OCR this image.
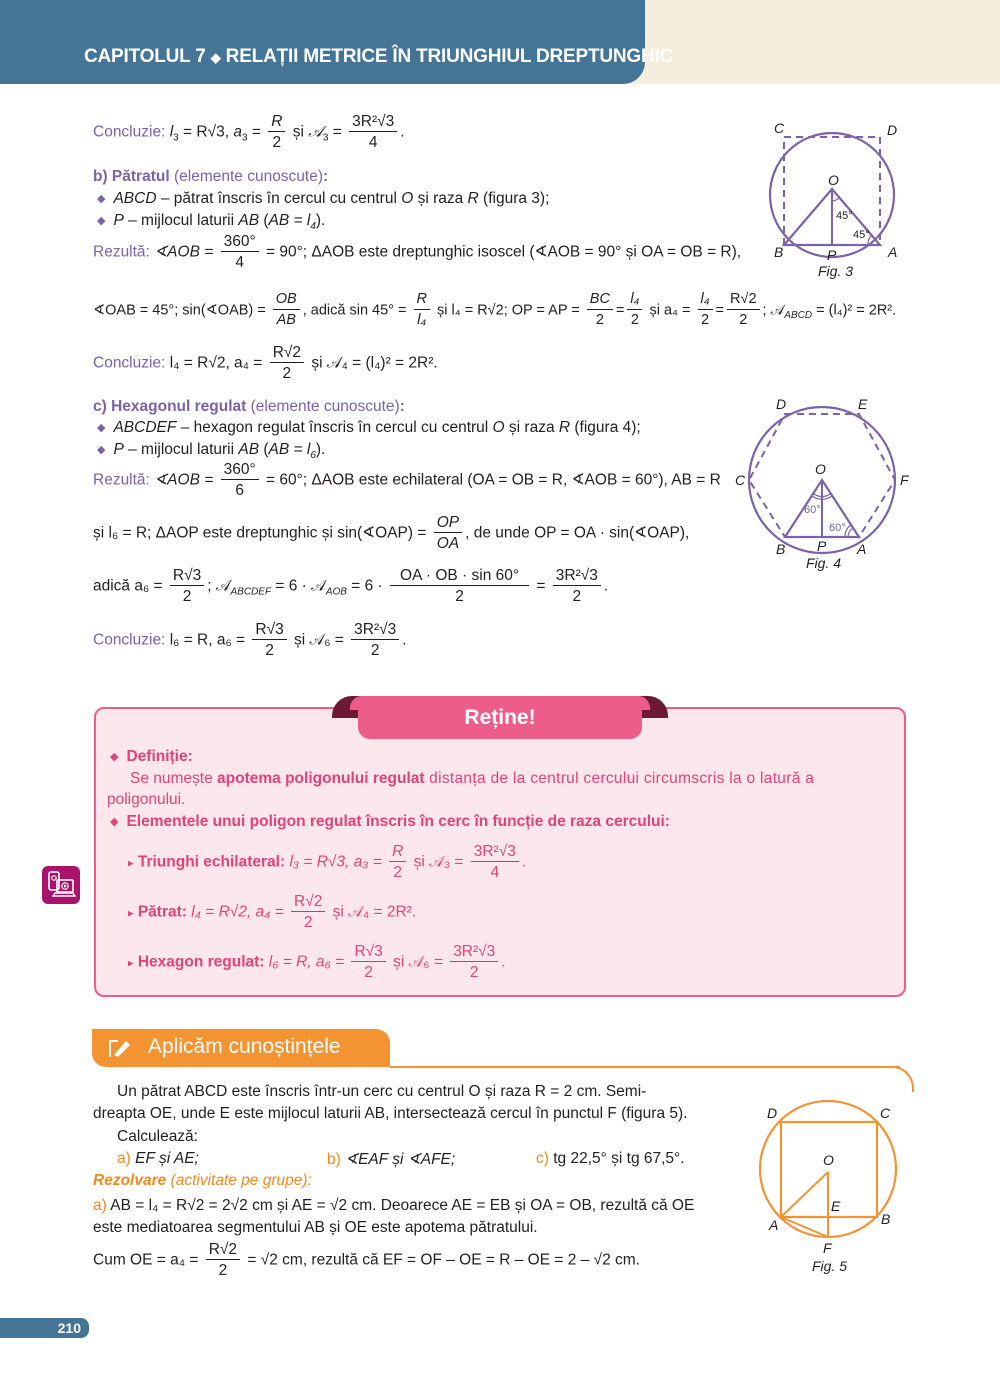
CAPITOLUL 7 ◆ RELAȚII METRICE ÎN TRIUNGHIUL DREPTUNGHIC
Concluzie: $l_3 = R√3$, $a_3 = \frac{R}{2}$ și 𝒜$_3$ = $\frac{\text{3R²√3}}{4}$ .
b) Pătratul (elemente cunoscute):
◆ ABCD – pătrat înscris în cercul cu centrul O și raza R (figura 3);
◆ P – mijlocul laturii AB $(AB = l_4)$.
Rezultă: ∢AOB = $\frac{360^\circ}{4} = 90^\circ$; ΔAOB este dreptunghic isoscel (∢AOB = 90° și OA = OB = R),
∢OAB = 45°; sin(∢OAB) = $\frac{OB}{AB}$ , adică $\sin 45^\circ = \frac{R}{\text{l₄}}$ și l₄ = R√2; OP = AP = $\frac{BC}{2} = \frac{\text{l₄}}{2}$ și $a_4 = \frac{\text{l₄}}{2} = \frac{R√2}{2}$ ; 𝒜$_{ABCD}$ = (l₄)² = 2R².
Concluzie: l₄ = R√2, $a_4 = \frac{R√2}{2}$ și 𝒜₄ = (l₄)² = 2R².
C	D
O
B	P	A
45°
45°
Fig. 3
c) Hexagonul regulat (elemente cunoscute):
◆ ABCDEF – hexagon regulat înscris în cercul cu centrul O și raza R (figura 4);
◆ P – mijlocul laturii AB $(AB = l_6)$.
Rezultă: ∢AOB = $\frac{360^\circ}{6} = 60^\circ$; ΔAOB este echilateral (OA = OB = R, ∢AOB = 60°), AB = R
și l₆ = R; ΔAOP este dreptunghic și sin(∢OAP) = $\frac{OP}{OA}$ , de unde OP = OA · sin(∢OAP),
adică $a_6 = \frac{R√3}{2}$ ; 𝒜$_{ABCDEF}$ = 6 · 𝒜$_{AOB}$ = $6 \cdot \frac{OA \cdot OB \cdot \sin 60^\circ}{2} = \frac{\text{3R²√3}}{2}$ .
Concluzie: l₆ = R, $a_6 = \frac{R√3}{2}$ și 𝒜₆ = $\frac{\text{3R²√3}}{2}$ .
D	E
C
O
F
B P A
60°
60°
Fig. 4
Reține!
◆ Definiție:
Se numește apotema poligonului regulat distanța de la centrul cercului circumscris la o latură a
poligonului.
◆ Elementele unui poligon regulat înscris în cerc în funcție de raza cercului:
▸ Triunghi echilateral: l₃ = R√3, $a_3 = \frac{R}{2}$ și 𝒜₃ = $\frac{\text{3R²√3}}{4}$ .
▸ Pătrat: l₄ = R√2, $a_4 = \frac{R√2}{2}$ și 𝒜₄ = 2R².
▸ Hexagon regulat: l₆ = R, $a_6 = \frac{R√3}{2}$ și 𝒜₆ = $\frac{\text{3R²√3}}{2}$ .
Aplicăm cunoștințele
Un pătrat ABCD este înscris într-un cerc cu centrul O și raza R = 2 cm. Semi-
dreapta OE, unde E este mijlocul laturii AB, intersectează cercul în punctul F (figura 5).
Calculează:
a) EF și AE;	b) ∢EAF și ∢AFE;	c) tg 22,5° și tg 67,5°.
Rezolvare (activitate pe grupe):
a) AB = l₄ = R√2 = 2√2 cm și AE = √2 cm. Deoarece AE = EB și OA = OB, rezultă că OE
este mediatoarea segmentului AB și OE este apotema pătratului.
Cum OE = $a_4 = \frac{R√2}{2} = √2$ cm, rezultă că EF = OF – OE = R – OE = 2 – √2 cm.
D	C
O
E
A	B
F
Fig. 5
210
